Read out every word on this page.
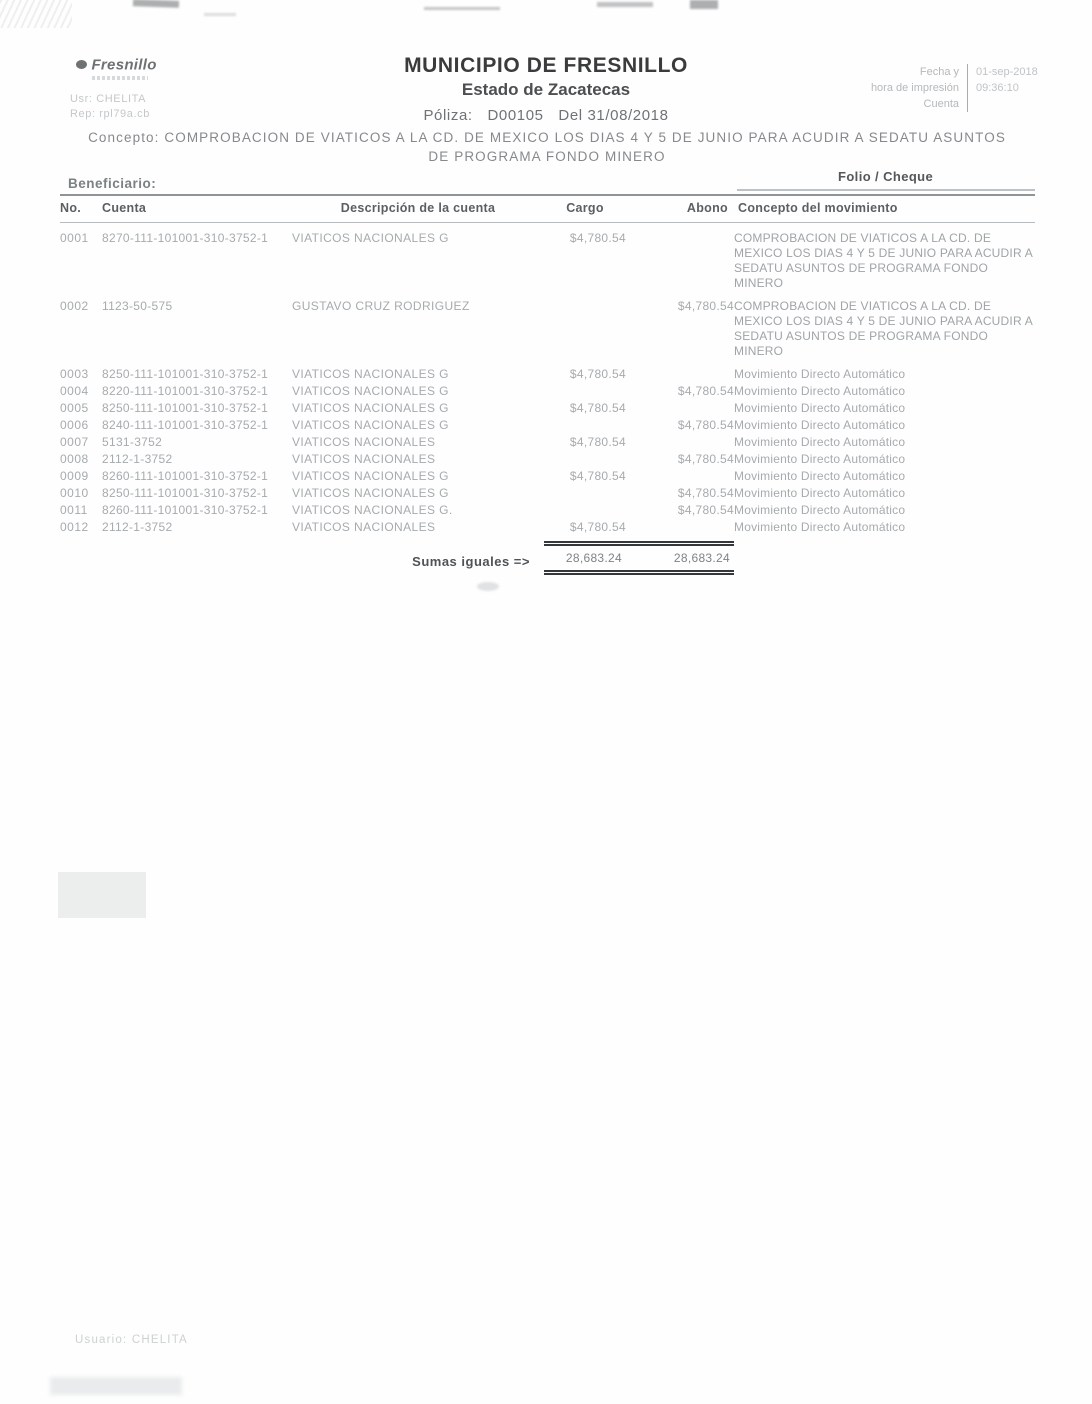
Fresnillo
Usr: CHELITA
Rep: rpl79a.cb
MUNICIPIO DE FRESNILLO
Estado de Zacatecas
Póliza: D00105 Del 31/08/2018
Fecha y
hora de impresión
Cuenta
01-sep-2018
09:36:10
Concepto: COMPROBACION DE VIATICOS A LA CD. DE MEXICO LOS DIAS 4 Y 5 DE JUNIO PARA ACUDIR A SEDATU ASUNTOS
DE PROGRAMA FONDO MINERO
Beneficiario:	Folio / Cheque
No.	Cuenta	Descripción de la cuenta	Cargo	Abono	Concepto del movimiento
0001	8270-111-101001-310-3752-1	VIATICOS NACIONALES G	$4,780.54		COMPROBACION DE VIATICOS A LA CD. DE MEXICO LOS DIAS 4 Y 5 DE JUNIO PARA ACUDIR A SEDATU ASUNTOS DE PROGRAMA FONDO MINERO
0002	1123-50-575	GUSTAVO CRUZ RODRIGUEZ		$4,780.54	COMPROBACION DE VIATICOS A LA CD. DE MEXICO LOS DIAS 4 Y 5 DE JUNIO PARA ACUDIR A SEDATU ASUNTOS DE PROGRAMA FONDO MINERO
0003	8250-111-101001-310-3752-1	VIATICOS NACIONALES G	$4,780.54		Movimiento Directo Automático
0004	8220-111-101001-310-3752-1	VIATICOS NACIONALES G		$4,780.54	Movimiento Directo Automático
0005	8250-111-101001-310-3752-1	VIATICOS NACIONALES G	$4,780.54		Movimiento Directo Automático
0006	8240-111-101001-310-3752-1	VIATICOS NACIONALES G		$4,780.54	Movimiento Directo Automático
0007	5131-3752	VIATICOS NACIONALES	$4,780.54		Movimiento Directo Automático
0008	2112-1-3752	VIATICOS NACIONALES		$4,780.54	Movimiento Directo Automático
0009	8260-111-101001-310-3752-1	VIATICOS NACIONALES G	$4,780.54		Movimiento Directo Automático
0010	8250-111-101001-310-3752-1	VIATICOS NACIONALES G		$4,780.54	Movimiento Directo Automático
0011	8260-111-101001-310-3752-1	VIATICOS NACIONALES G.		$4,780.54	Movimiento Directo Automático
0012	2112-1-3752	VIATICOS NACIONALES	$4,780.54		Movimiento Directo Automático

Sumas iguales =>			28,683.24	28,683.24	
Usuario: CHELITA
